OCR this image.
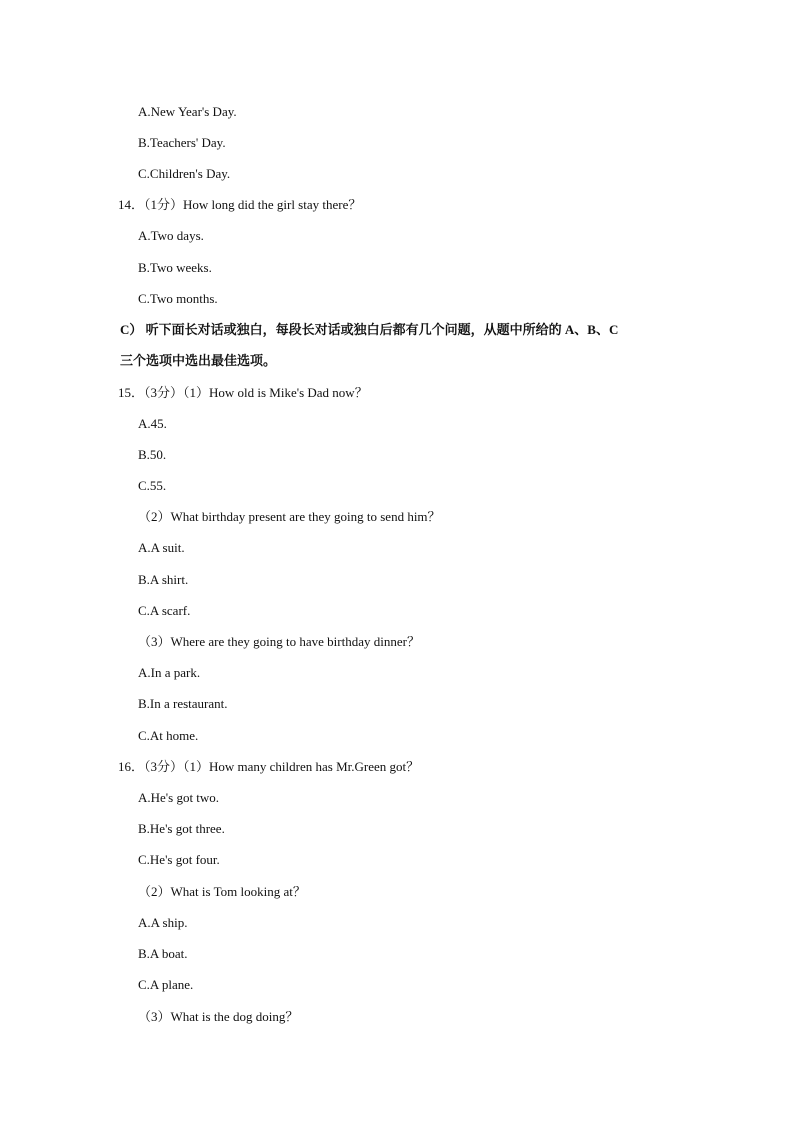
A.New Year's Day.
B.Teachers' Day.
C.Children's Day.
14．（1分）How long did the girl stay there？
A.Two days.
B.Two weeks.
C.Two months.
C） 听下面长对话或独白，每段长对话或独白后都有几个问题，从题中所给的 A、B、C
三个选项中选出最佳选项。
15．（3分）（1）How old is Mike's Dad now？
A.45.
B.50.
C.55.
（2）What birthday present are they going to send him？
A.A suit.
B.A shirt.
C.A scarf.
（3）Where are they going to have birthday dinner？
A.In a park.
B.In a restaurant.
C.At home.
16．（3分）（1）How many children has Mr.Green got？
A.He's got two.
B.He's got three.
C.He's got four.
（2）What is Tom looking at？
A.A ship.
B.A boat.
C.A plane.
（3）What is the dog doing？
